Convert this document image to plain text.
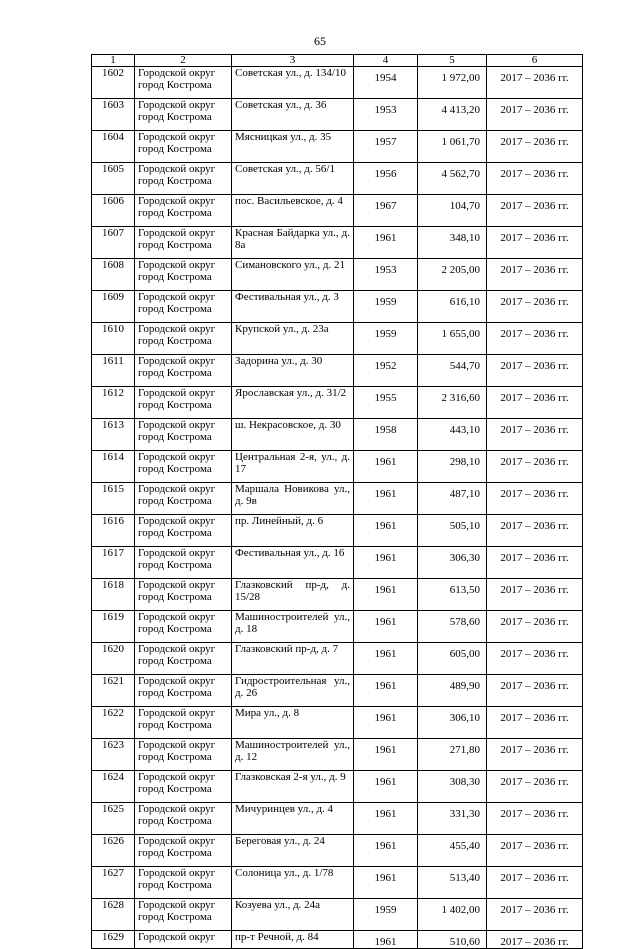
65
1	2	3	4	5	6
1602	Городской округ город Кострома	Советская ул., д. 134/10	1954	1 972,00	2017 – 2036 гг.
1603	Городской округ город Кострома	Советская ул., д. 36	1953	4 413,20	2017 – 2036 гг.
1604	Городской округ город Кострома	Мясницкая ул., д. 35	1957	1 061,70	2017 – 2036 гг.
1605	Городской округ город Кострома	Советская ул., д. 56/1	1956	4 562,70	2017 – 2036 гг.
1606	Городской округ город Кострома	пос. Васильевское, д. 4	1967	104,70	2017 – 2036 гг.
1607	Городской округ город Кострома	Красная Байдарка ул., д. 8а	1961	348,10	2017 – 2036 гг.
1608	Городской округ город Кострома	Симановского ул., д. 21	1953	2 205,00	2017 – 2036 гг.
1609	Городской округ город Кострома	Фестивальная ул., д. 3	1959	616,10	2017 – 2036 гг.
1610	Городской округ город Кострома	Крупской ул., д. 23а	1959	1 655,00	2017 – 2036 гг.
1611	Городской округ город Кострома	Задорина ул., д. 30	1952	544,70	2017 – 2036 гг.
1612	Городской округ город Кострома	Ярославская ул., д. 31/2	1955	2 316,60	2017 – 2036 гг.
1613	Городской округ город Кострома	ш. Некрасовское, д. 30	1958	443,10	2017 – 2036 гг.
1614	Городской округ город Кострома	Центральная 2-я, ул., д. 17	1961	298,10	2017 – 2036 гг.
1615	Городской округ город Кострома	Маршала Новикова ул., д. 9в	1961	487,10	2017 – 2036 гг.
1616	Городской округ город Кострома	пр. Линейный, д. 6	1961	505,10	2017 – 2036 гг.
1617	Городской округ город Кострома	Фестивальная ул., д. 16	1961	306,30	2017 – 2036 гг.
1618	Городской округ город Кострома	Глазковский пр-д, д. 15/28	1961	613,50	2017 – 2036 гг.
1619	Городской округ город Кострома	Машиностроителей ул., д. 18	1961	578,60	2017 – 2036 гг.
1620	Городской округ город Кострома	Глазковский пр-д, д. 7	1961	605,00	2017 – 2036 гг.
1621	Городской округ город Кострома	Гидростроительная ул., д. 26	1961	489,90	2017 – 2036 гг.
1622	Городской округ город Кострома	Мира ул., д. 8	1961	306,10	2017 – 2036 гг.
1623	Городской округ город Кострома	Машиностроителей ул., д. 12	1961	271,80	2017 – 2036 гг.
1624	Городской округ город Кострома	Глазковская 2-я ул., д. 9	1961	308,30	2017 – 2036 гг.
1625	Городской округ город Кострома	Мичуринцев ул., д. 4	1961	331,30	2017 – 2036 гг.
1626	Городской округ город Кострома	Береговая ул., д. 24	1961	455,40	2017 – 2036 гг.
1627	Городской округ город Кострома	Солоница ул., д. 1/78	1961	513,40	2017 – 2036 гг.
1628	Городской округ город Кострома	Козуева ул., д. 24а	1959	1 402,00	2017 – 2036 гг.
1629	Городской округ	пр-т Речной, д. 84	1961	510,60	2017 – 2036 гг.
